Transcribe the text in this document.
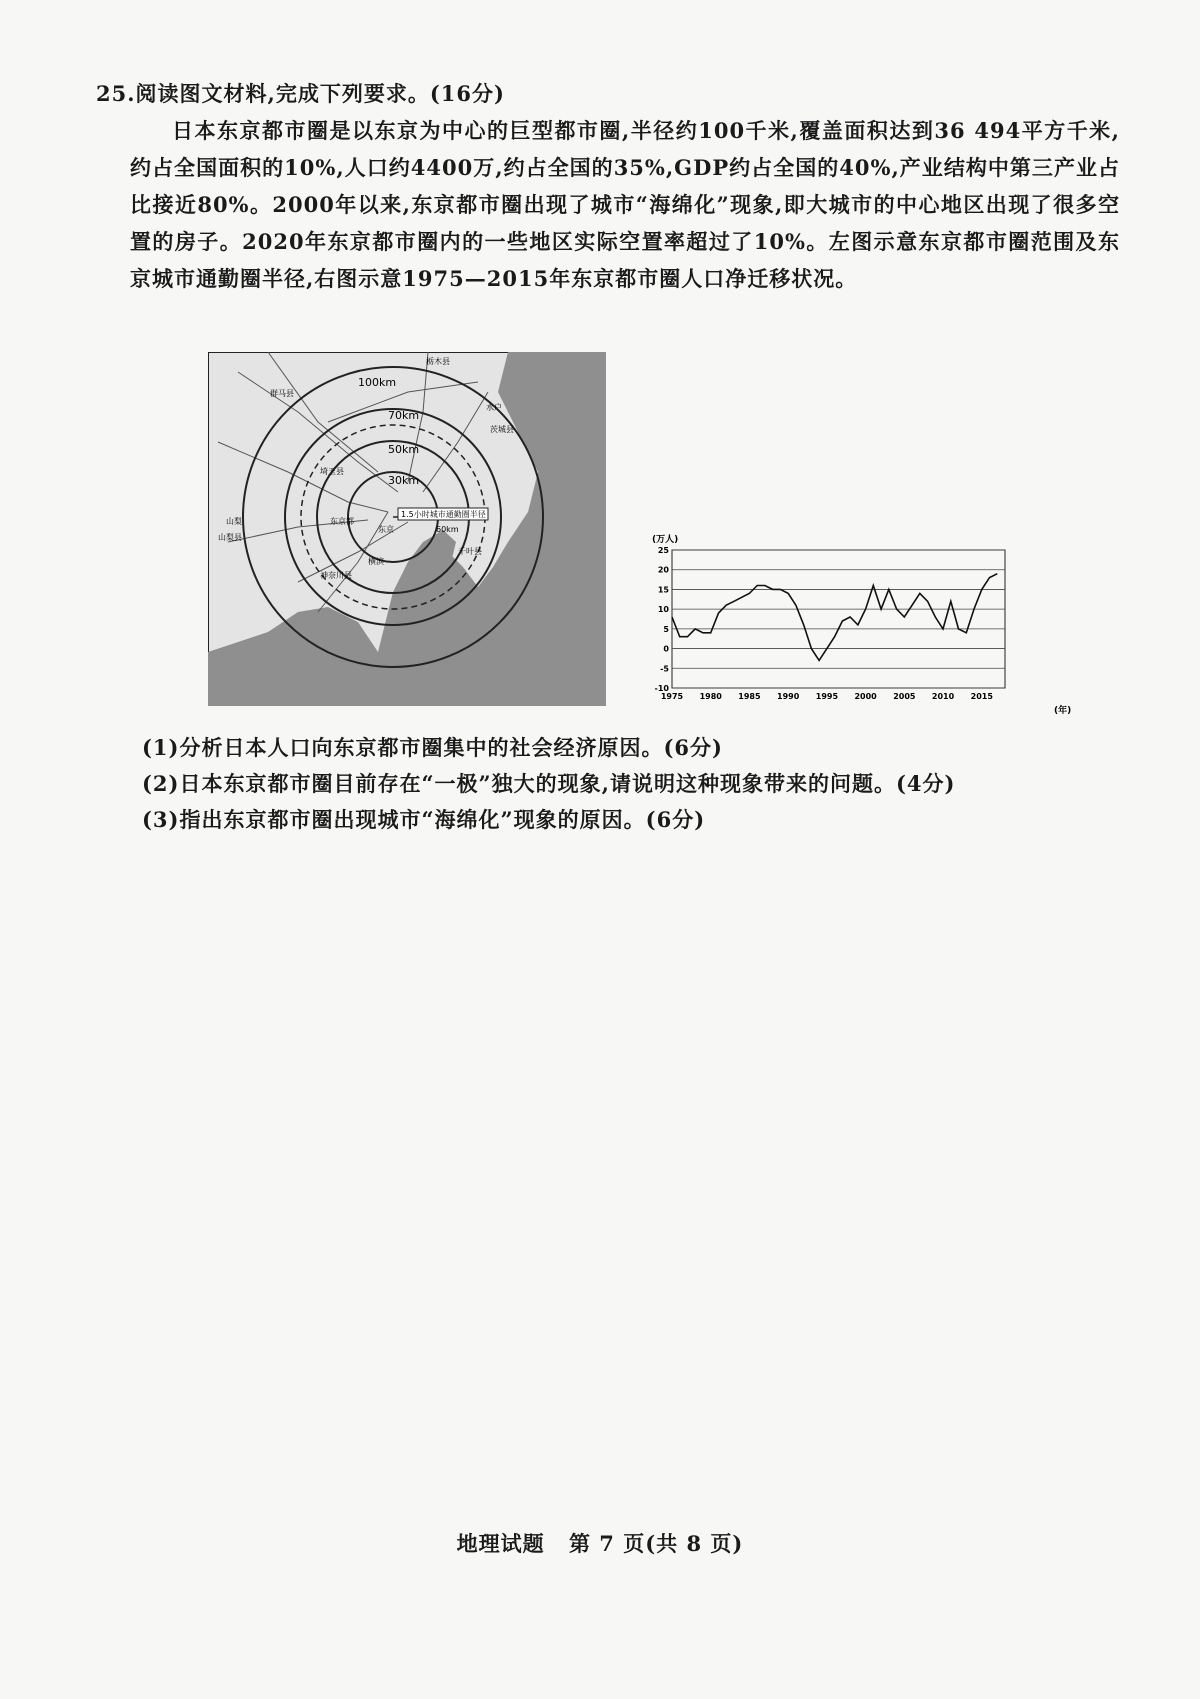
25.阅读图文材料,完成下列要求。(16分)
日本东京都市圈是以东京为中心的巨型都市圈,半径约100千米,覆盖面积达到36 494平方千米,约占全国面积的10%,人口约4400万,约占全国的35%,GDP约占全国的40%,产业结构中第三产业占比接近80%。2000年以来,东京都市圈出现了城市“海绵化”现象,即大城市的中心地区出现了很多空置的房子。2020年东京都市圈内的一些地区实际空置率超过了10%。左图示意东京都市圈范围及东京城市通勤圈半径,右图示意1975—2015年东京都市圈人口净迁移状况。
100km
70km
50km
30km
1.5小时城市通勤圈半径
60km
栃木县
群马县
茨城县
水户
埼玉县
东京都
东京
山梨
山梨县
千叶县
神奈川县
横滨
(万人)
(年)
-10
-5
0
5
10
15
20
25
1975 1980 1985 1990 1995 2000 2005 2010 2015
(1)分析日本人口向东京都市圈集中的社会经济原因。(6分)
(2)日本东京都市圈目前存在“一极”独大的现象,请说明这种现象带来的问题。(4分)
(3)指出东京都市圈出现城市“海绵化”现象的原因。(6分)
地理试题 第 7 页(共 8 页)
